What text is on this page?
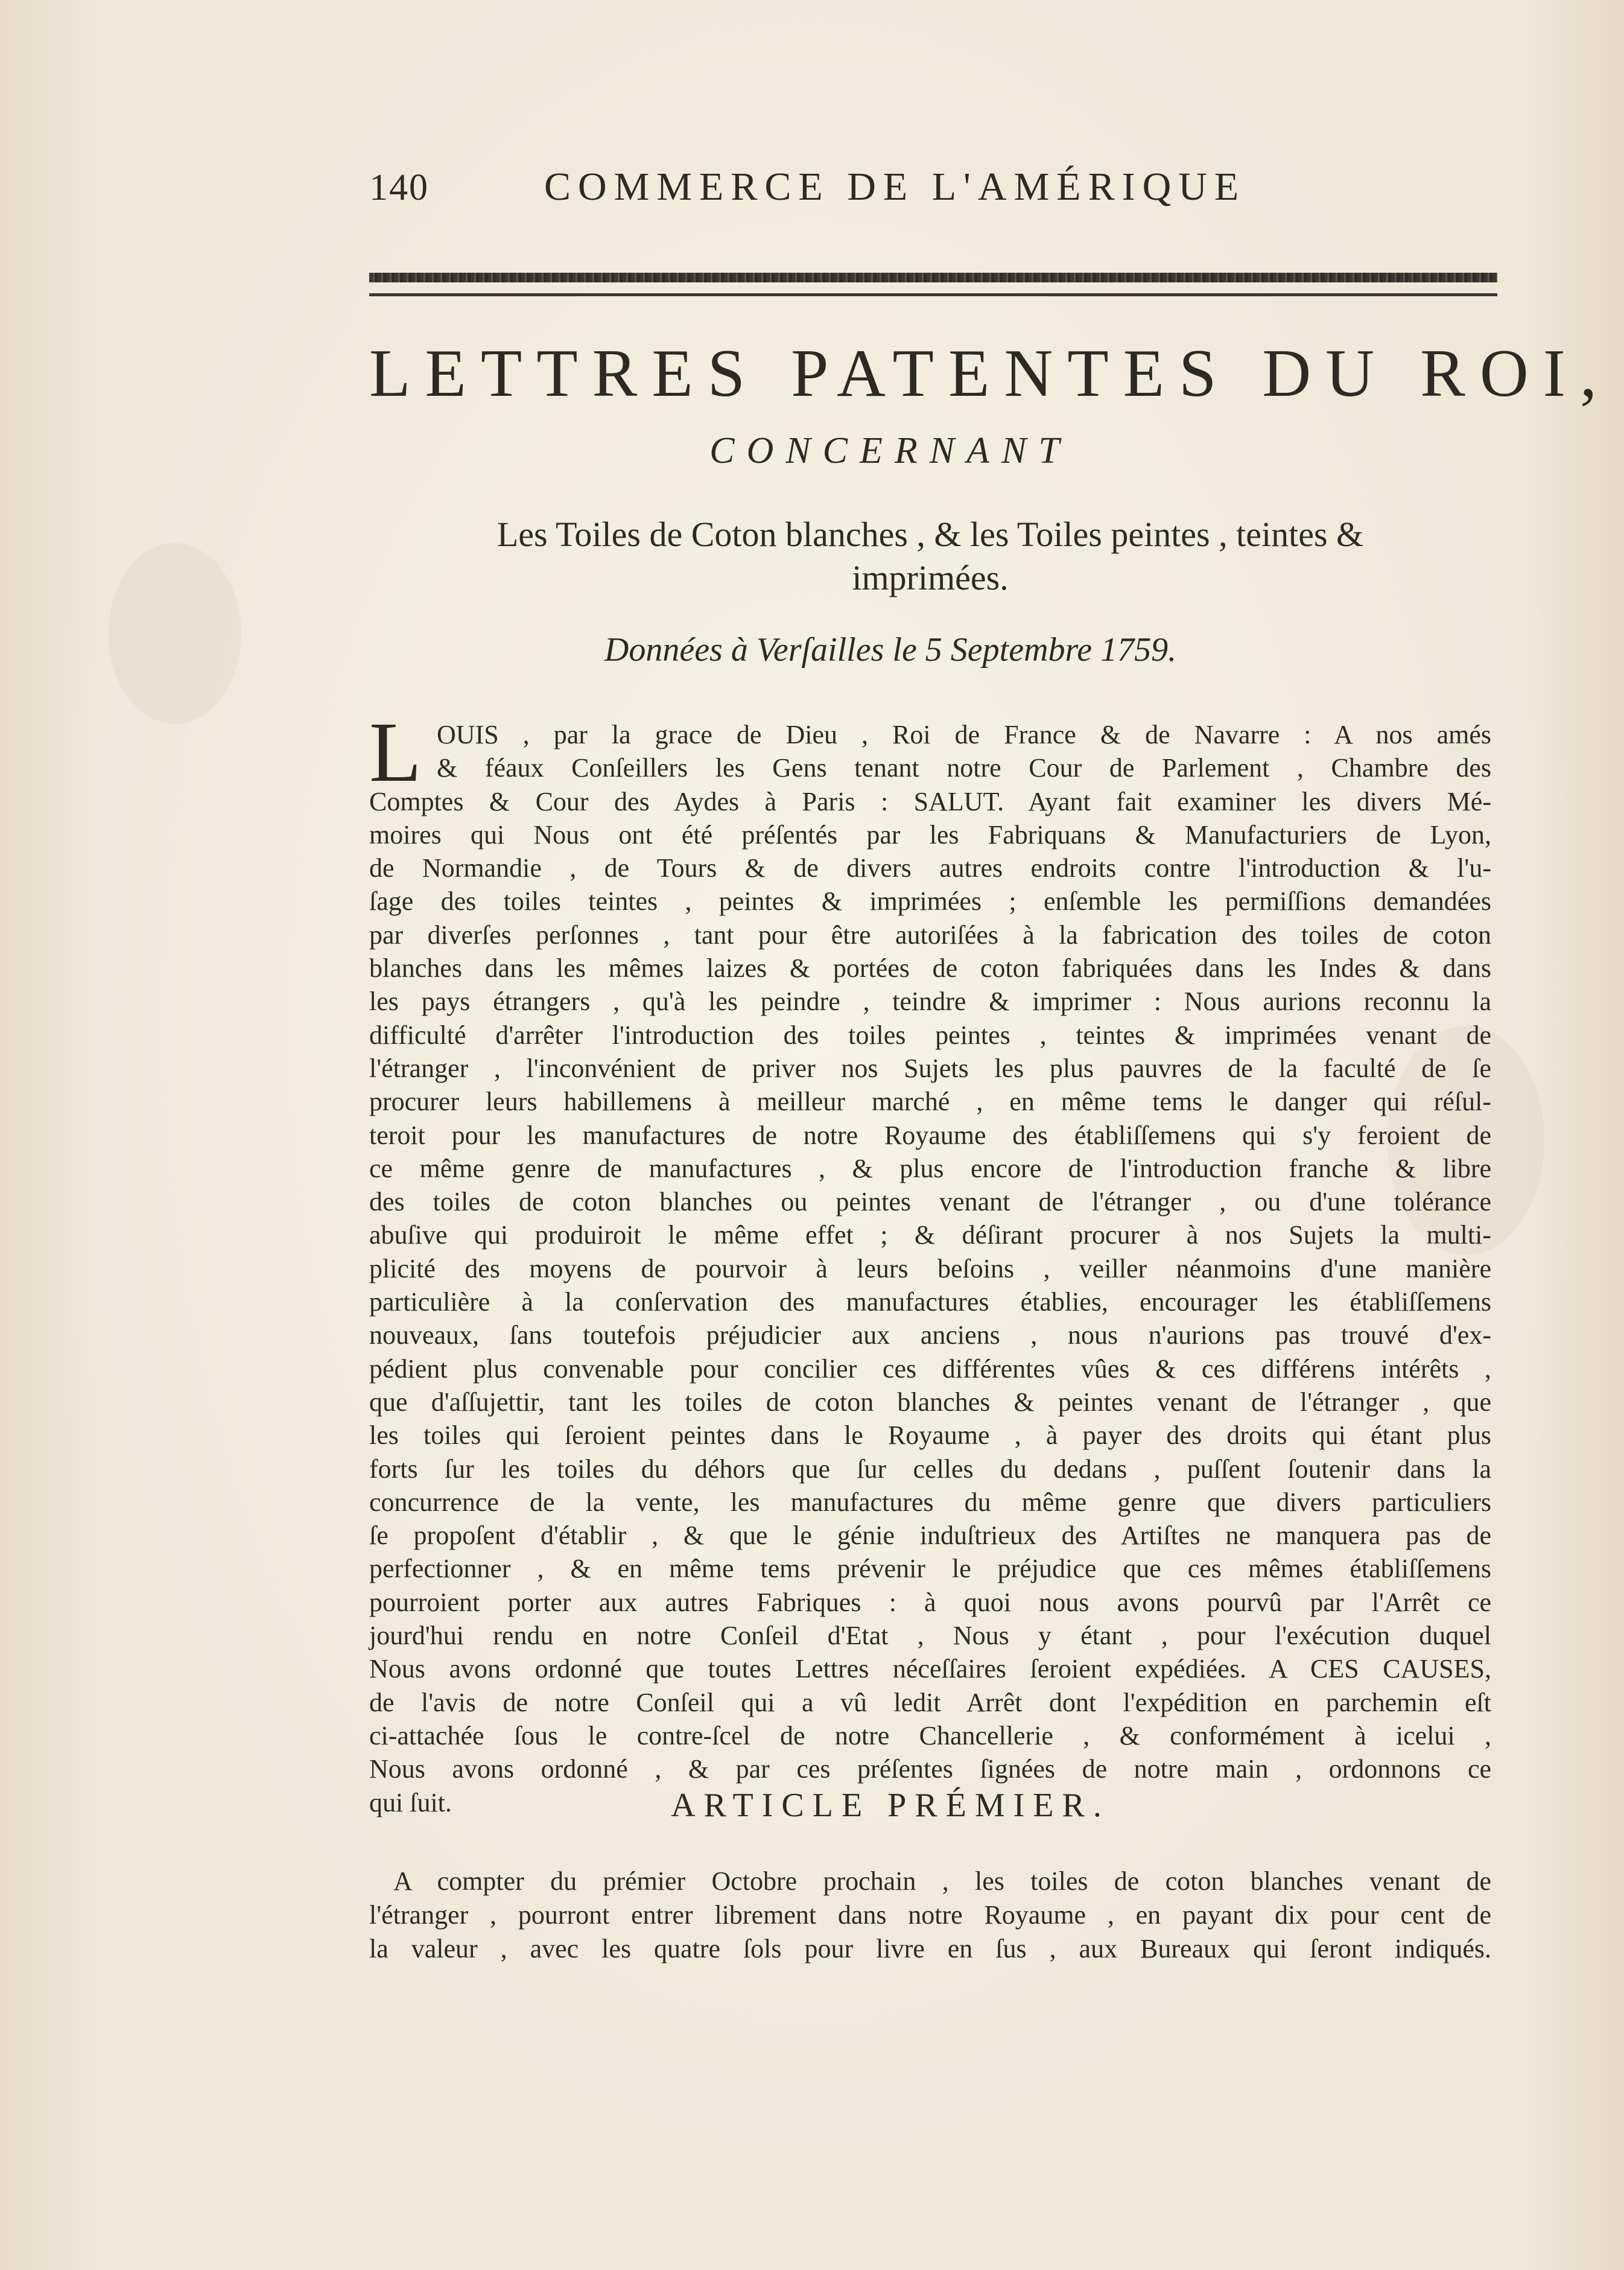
140	COMMERCE DE L'AMÉRIQUE
LETTRES PATENTES DU ROI,
CONCERNANT
Les Toiles de Coton blanches , & les Toiles peintes , teintes &
imprimées.
Données à Verſailles le 5 Septembre 1759.
L OUIS , par la grace de Dieu , Roi de France & de Navarre : A nos amés
& féaux Conſeillers les Gens tenant notre Cour de Parlement , Chambre des
Comptes & Cour des Aydes à Paris : SALUT. Ayant fait examiner les divers Mé-
moires qui Nous ont été préſentés par les Fabriquans & Manufacturiers de Lyon,
de Normandie , de Tours & de divers autres endroits contre l'introduction & l'u-
ſage des toiles teintes , peintes & imprimées ; enſemble les permiſſions demandées
par diverſes perſonnes , tant pour être autoriſées à la fabrication des toiles de coton
blanches dans les mêmes laizes & portées de coton fabriquées dans les Indes & dans
les pays étrangers , qu'à les peindre , teindre & imprimer : Nous aurions reconnu la
difficulté d'arrêter l'introduction des toiles peintes , teintes & imprimées venant de
l'étranger , l'inconvénient de priver nos Sujets les plus pauvres de la faculté de ſe
procurer leurs habillemens à meilleur marché , en même tems le danger qui réſul-
teroit pour les manufactures de notre Royaume des établiſſemens qui s'y feroient de
ce même genre de manufactures , & plus encore de l'introduction franche & libre
des toiles de coton blanches ou peintes venant de l'étranger , ou d'une tolérance
abuſive qui produiroit le même effet ; & déſirant procurer à nos Sujets la multi-
plicité des moyens de pourvoir à leurs beſoins , veiller néanmoins d'une manière
particulière à la conſervation des manufactures établies, encourager les établiſſemens
nouveaux, ſans toutefois préjudicier aux anciens , nous n'aurions pas trouvé d'ex-
pédient plus convenable pour concilier ces différentes vûes & ces différens intérêts ,
que d'aſſujettir, tant les toiles de coton blanches & peintes venant de l'étranger , que
les toiles qui ſeroient peintes dans le Royaume , à payer des droits qui étant plus
forts ſur les toiles du déhors que ſur celles du dedans , puſſent ſoutenir dans la
concurrence de la vente, les manufactures du même genre que divers particuliers
ſe propoſent d'établir , & que le génie induſtrieux des Artiſtes ne manquera pas de
perfectionner , & en même tems prévenir le préjudice que ces mêmes établiſſemens
pourroient porter aux autres Fabriques : à quoi nous avons pourvû par l'Arrêt ce
jourd'hui rendu en notre Conſeil d'Etat , Nous y étant , pour l'exécution duquel
Nous avons ordonné que toutes Lettres néceſſaires ſeroient expédiées. A CES CAUSES,
de l'avis de notre Conſeil qui a vû ledit Arrêt dont l'expédition en parchemin eſt
ci-attachée ſous le contre-ſcel de notre Chancellerie , & conformément à icelui ,
Nous avons ordonné , & par ces préſentes ſignées de notre main , ordonnons ce
qui ſuit.	ARTICLE PRÉMIER.
A compter du prémier Octobre prochain , les toiles de coton blanches venant de
l'étranger , pourront entrer librement dans notre Royaume , en payant dix pour cent de
la valeur , avec les quatre ſols pour livre en ſus , aux Bureaux qui ſeront indiqués.
